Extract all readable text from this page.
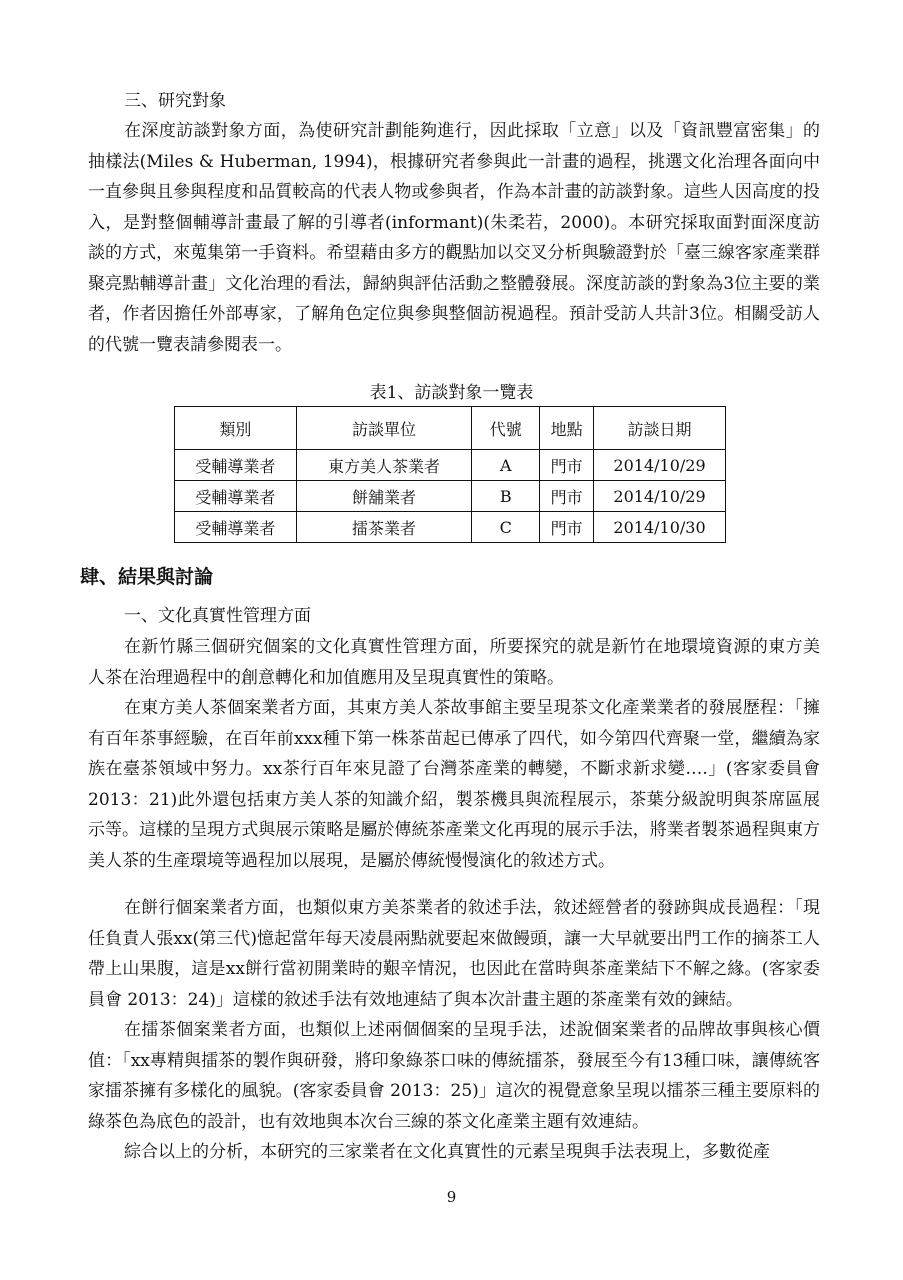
三、研究對象

在深度訪談對象方面，為使研究計劃能夠進行，因此採取「立意」以及「資訊豐富密集」的抽樣法(Miles & Huberman, 1994)，根據研究者參與此一計畫的過程，挑選文化治理各面向中一直參與且參與程度和品質較高的代表人物或參與者，作為本計畫的訪談對象。這些人因高度的投入，是對整個輔導計畫最了解的引導者(informant)(朱柔若，2000)。本研究採取面對面深度訪談的方式，來蒐集第一手資料。希望藉由多方的觀點加以交叉分析與驗證對於「臺三線客家產業群聚亮點輔導計畫」文化治理的看法，歸納與評估活動之整體發展。深度訪談的對象為3位主要的業者，作者因擔任外部專家，了解角色定位與參與整個訪視過程。預計受訪人共計3位。相關受訪人的代號一覽表請參閱表一。

表1、訪談對象一覽表

類別	訪談單位	代號	地點	訪談日期
受輔導業者	東方美人茶業者	A	門市	2014/10/29
受輔導業者	餅舖業者	B	門市	2014/10/29
受輔導業者	擂茶業者	C	門市	2014/10/30

肆、結果與討論

一、文化真實性管理方面

在新竹縣三個研究個案的文化真實性管理方面，所要探究的就是新竹在地環境資源的東方美人茶在治理過程中的創意轉化和加值應用及呈現真實性的策略。

在東方美人茶個案業者方面，其東方美人茶故事館主要呈現茶文化產業業者的發展歷程：「擁有百年茶事經驗，在百年前xxx種下第一株茶苗起已傳承了四代，如今第四代齊聚一堂，繼續為家族在臺茶領域中努力。xx茶行百年來見證了台灣茶產業的轉變，不斷求新求變….」(客家委員會 2013：21)此外還包括東方美人茶的知識介紹，製茶機具與流程展示，茶葉分級說明與茶席區展示等。這樣的呈現方式與展示策略是屬於傳統茶產業文化再現的展示手法，將業者製茶過程與東方美人茶的生產環境等過程加以展現，是屬於傳統慢慢演化的敘述方式。

在餅行個案業者方面，也類似東方美茶業者的敘述手法，敘述經營者的發跡與成長過程：「現任負責人張xx(第三代)憶起當年每天凌晨兩點就要起來做饅頭，讓一大早就要出門工作的摘茶工人帶上山果腹，這是xx餅行當初開業時的艱辛情況，也因此在當時與茶產業結下不解之緣。(客家委員會 2013：24)」這樣的敘述手法有效地連結了與本次計畫主題的茶產業有效的鍊結。

在擂茶個案業者方面，也類似上述兩個個案的呈現手法，述說個案業者的品牌故事與核心價值：「xx專精與擂茶的製作與研發，將印象綠茶口味的傳統擂茶，發展至今有13種口味，讓傳統客家擂茶擁有多樣化的風貌。(客家委員會 2013：25)」這次的視覺意象呈現以擂茶三種主要原料的綠茶色為底色的設計，也有效地與本次台三線的茶文化產業主題有效連結。

綜合以上的分析，本研究的三家業者在文化真實性的元素呈現與手法表現上，多數從產

9
